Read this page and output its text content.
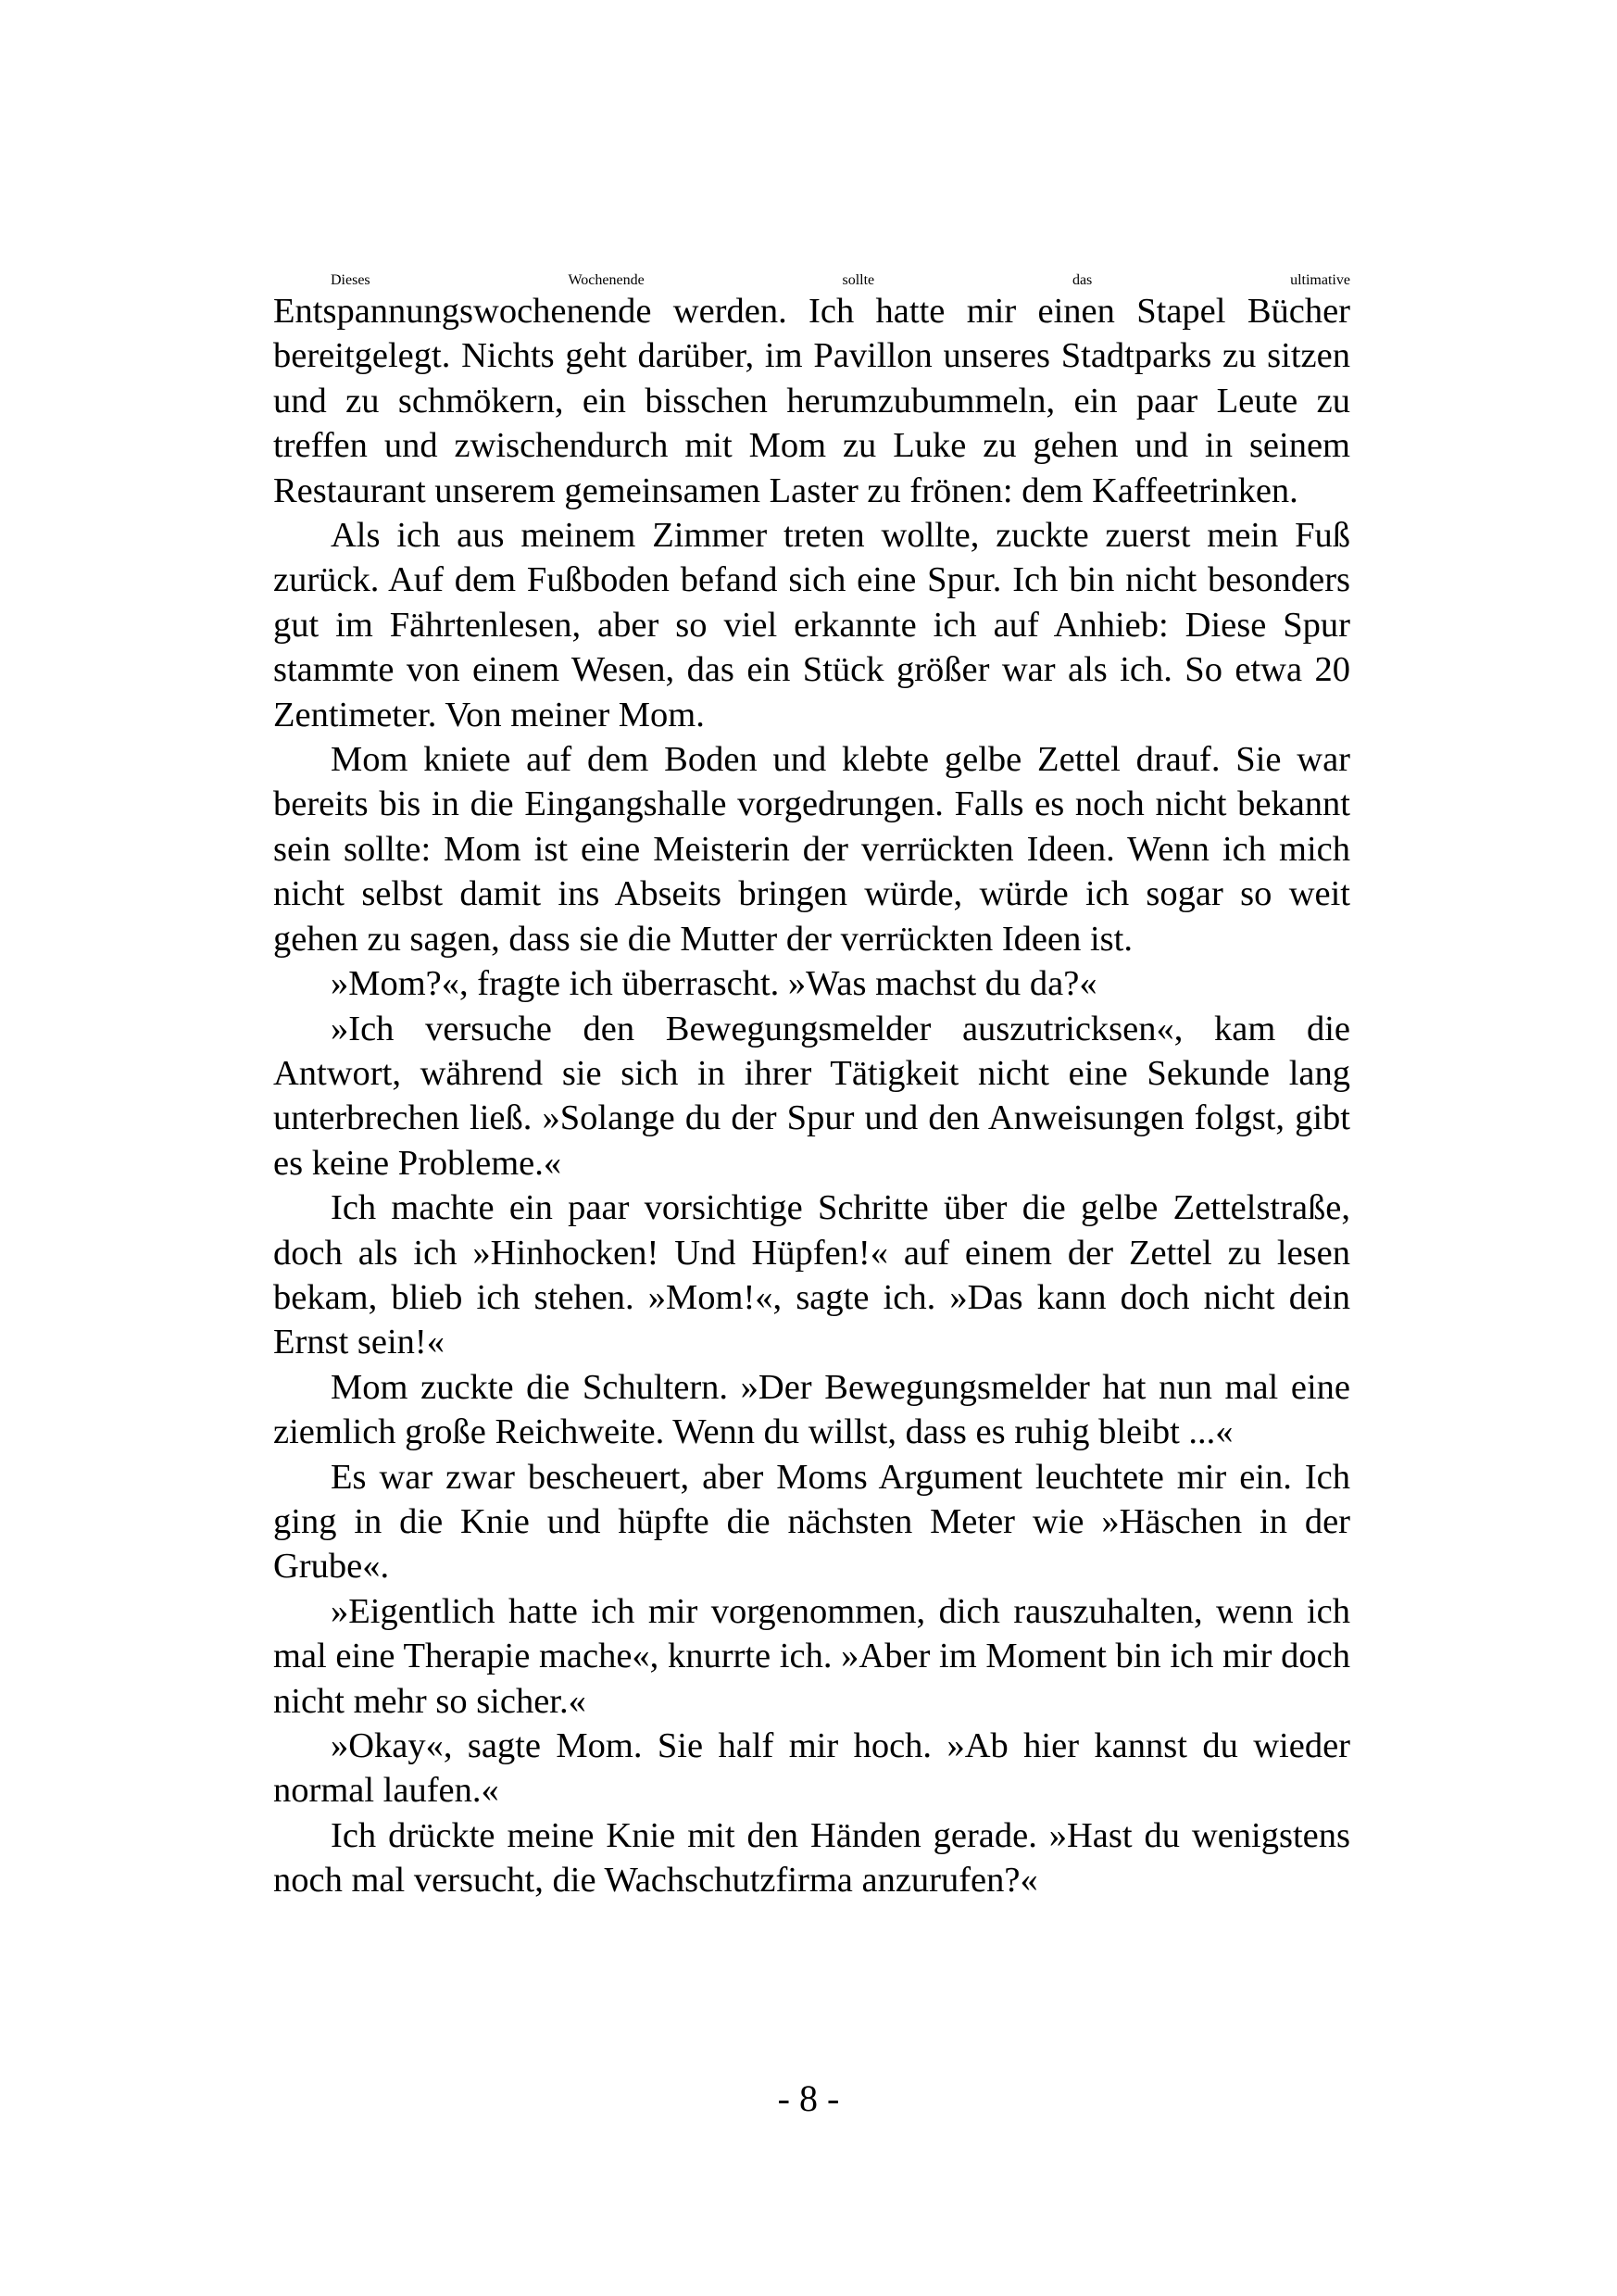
Dieses	Wochenende	sollte	das	ultimative

Entspannungswochenende werden. Ich hatte mir einen Stapel Bücher bereitgelegt. Nichts geht darüber, im Pavillon unseres Stadtparks zu sitzen und zu schmökern, ein bisschen herumzubummeln, ein paar Leute zu treffen und zwischendurch mit Mom zu Luke zu gehen und in seinem Restaurant unserem gemeinsamen Laster zu frönen: dem Kaffeetrinken.

Als ich aus meinem Zimmer treten wollte, zuckte zuerst mein Fuß zurück. Auf dem Fußboden befand sich eine Spur. Ich bin nicht besonders gut im Fährtenlesen, aber so viel erkannte ich auf Anhieb: Diese Spur stammte von einem Wesen, das ein Stück größer war als ich. So etwa 20 Zentimeter. Von meiner Mom.

Mom kniete auf dem Boden und klebte gelbe Zettel drauf. Sie war bereits bis in die Eingangshalle vorgedrungen. Falls es noch nicht bekannt sein sollte: Mom ist eine Meisterin der verrückten Ideen. Wenn ich mich nicht selbst damit ins Abseits bringen würde, würde ich sogar so weit gehen zu sagen, dass sie die Mutter der verrückten Ideen ist.

»Mom?«, fragte ich überrascht. »Was machst du da?«

»Ich versuche den Bewegungsmelder auszutricksen«, kam die Antwort, während sie sich in ihrer Tätigkeit nicht eine Sekunde lang unterbrechen ließ. »Solange du der Spur und den Anweisungen folgst, gibt es keine Probleme.«

Ich machte ein paar vorsichtige Schritte über die gelbe Zettelstraße, doch als ich »Hinhocken! Und Hüpfen!« auf einem der Zettel zu lesen bekam, blieb ich stehen. »Mom!«, sagte ich. »Das kann doch nicht dein Ernst sein!«

Mom zuckte die Schultern. »Der Bewegungsmelder hat nun mal eine ziemlich große Reichweite. Wenn du willst, dass es ruhig bleibt ...«

Es war zwar bescheuert, aber Moms Argument leuchtete mir ein. Ich ging in die Knie und hüpfte die nächsten Meter wie »Häschen in der Grube«.

»Eigentlich hatte ich mir vorgenommen, dich rauszuhalten, wenn ich mal eine Therapie mache«, knurrte ich. »Aber im Moment bin ich mir doch nicht mehr so sicher.«

»Okay«, sagte Mom. Sie half mir hoch. »Ab hier kannst du wieder normal laufen.«

Ich drückte meine Knie mit den Händen gerade. »Hast du wenigstens noch mal versucht, die Wachschutzfirma anzurufen?«

- 8 -
